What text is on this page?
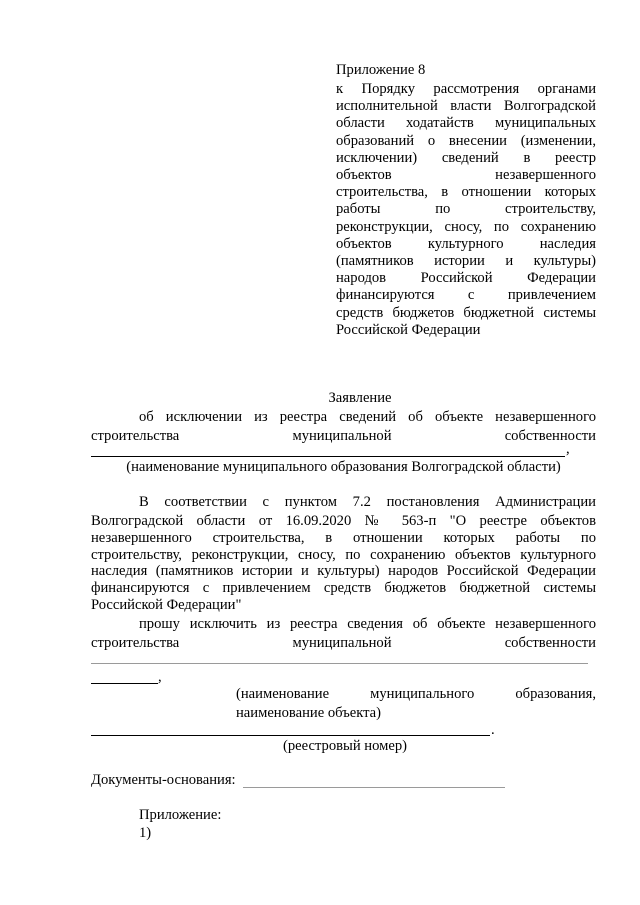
Приложение 8
к Порядку рассмотрения органами
исполнительной власти Волгоградской
области ходатайств муниципальных
образований о внесении (изменении,
исключении) сведений в реестр
объектов незавершенного
строительства, в отношении которых
работы по строительству,
реконструкции, сносу, по сохранению
объектов культурного наследия
(памятников истории и культуры)
народов Российской Федерации
финансируются с привлечением
средств бюджетов бюджетной системы
Российской Федерации
Заявление
об исключении из реестра сведений об объекте незавершенного
строительства муниципальной собственности
,
(наименование муниципального образования Волгоградской области)
В соответствии с пунктом 7.2 постановления Администрации
Волгоградской области от 16.09.2020 № 563-п "О реестре объектов
незавершенного строительства, в отношении которых работы по
строительству, реконструкции, сносу, по сохранению объектов культурного
наследия (памятников истории и культуры) народов Российской Федерации
финансируются с привлечением средств бюджетов бюджетной системы
Российской Федерации"
прошу исключить из реестра сведения об объекте незавершенного
строительства муниципальной собственности
,
(наименование муниципального образования,
наименование объекта)
.
(реестровый номер)
Документы-основания:
Приложение:
1)
